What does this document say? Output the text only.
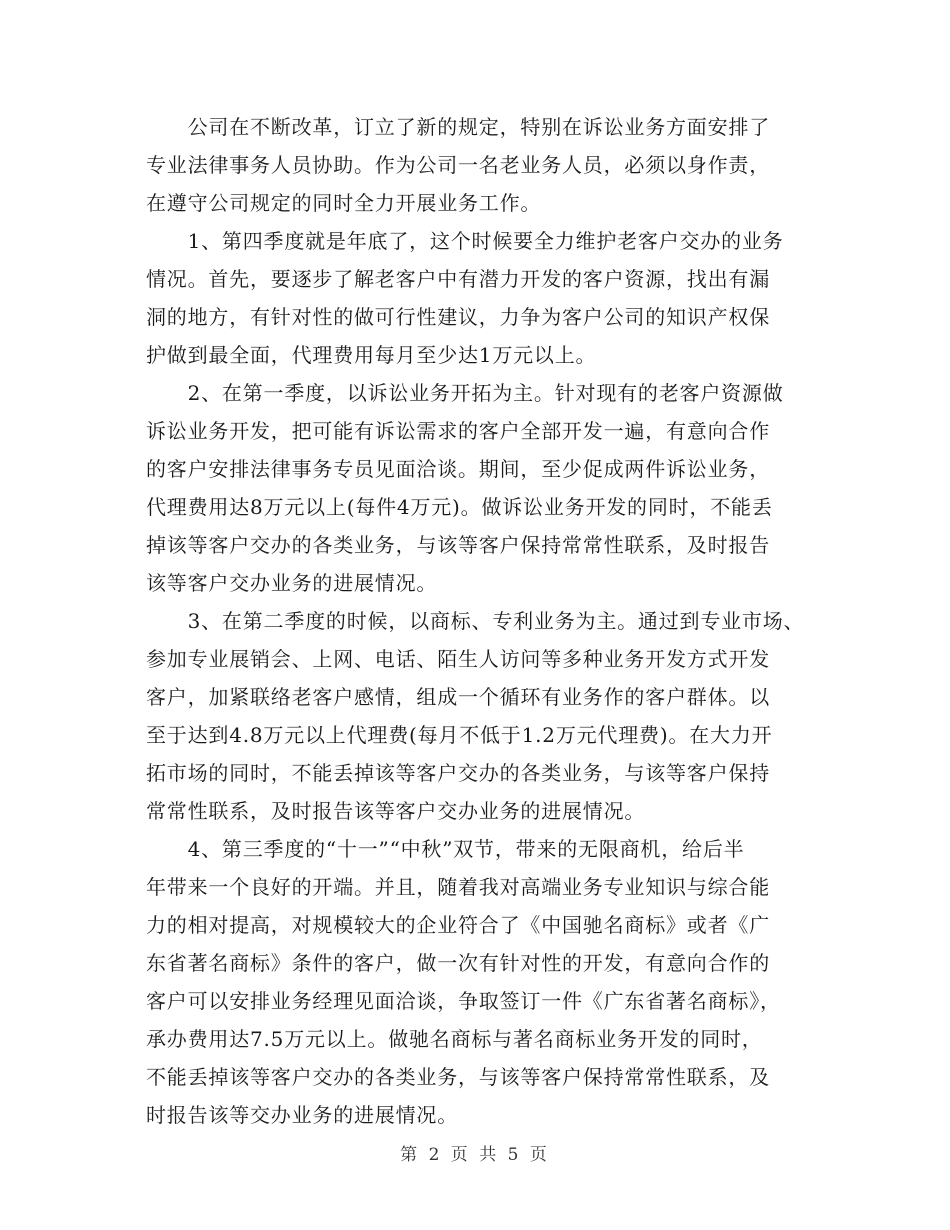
　　公司在不断改革，订立了新的规定，特别在诉讼业务方面安排了
专业法律事务人员协助。作为公司一名老业务人员，必须以身作责，
在遵守公司规定的同时全力开展业务工作。
　　1、第四季度就是年底了，这个时候要全力维护老客户交办的业务
情况。首先，要逐步了解老客户中有潜力开发的客户资源，找出有漏
洞的地方，有针对性的做可行性建议，力争为客户公司的知识产权保
护做到最全面，代理费用每月至少达1万元以上。
　　2、在第一季度，以诉讼业务开拓为主。针对现有的老客户资源做
诉讼业务开发，把可能有诉讼需求的客户全部开发一遍，有意向合作
的客户安排法律事务专员见面洽谈。期间，至少促成两件诉讼业务，
代理费用达8万元以上(每件4万元)。做诉讼业务开发的同时，不能丢
掉该等客户交办的各类业务，与该等客户保持常常性联系，及时报告
该等客户交办业务的进展情况。
　　3、在第二季度的时候，以商标、专利业务为主。通过到专业市场、
参加专业展销会、上网、电话、陌生人访问等多种业务开发方式开发
客户，加紧联络老客户感情，组成一个循环有业务作的客户群体。以
至于达到4.8万元以上代理费(每月不低于1.2万元代理费)。在大力开
拓市场的同时，不能丢掉该等客户交办的各类业务，与该等客户保持
常常性联系，及时报告该等客户交办业务的进展情况。
　　4、第三季度的“十一”“中秋”双节，带来的无限商机，给后半
年带来一个良好的开端。并且，随着我对高端业务专业知识与综合能
力的相对提高，对规模较大的企业符合了《中国驰名商标》或者《广
东省著名商标》条件的客户，做一次有针对性的开发，有意向合作的
客户可以安排业务经理见面洽谈，争取签订一件《广东省著名商标》，
承办费用达7.5万元以上。做驰名商标与著名商标业务开发的同时，
不能丢掉该等客户交办的各类业务，与该等客户保持常常性联系，及
时报告该等交办业务的进展情况。
第 2 页 共 5 页
